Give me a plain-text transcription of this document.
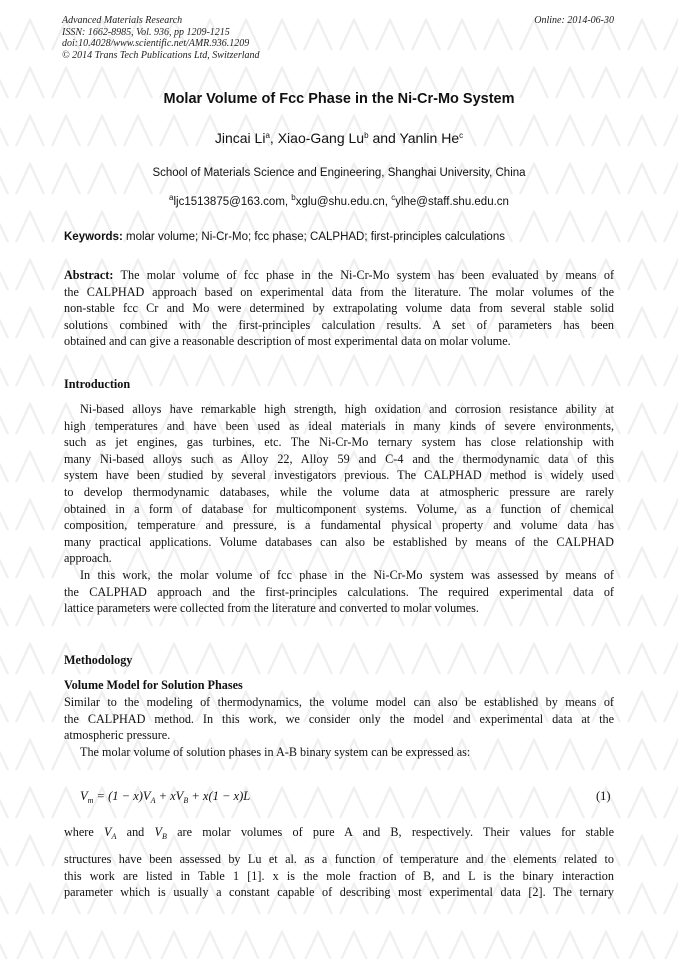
Advanced Materials Research
ISSN: 1662-8985, Vol. 936, pp 1209-1215
doi:10.4028/www.scientific.net/AMR.936.1209
© 2014 Trans Tech Publications Ltd, Switzerland
Online: 2014-06-30
Molar Volume of Fcc Phase in the Ni-Cr-Mo System
Jincai Li$^a$, Xiao-Gang Lu$^b$ and Yanlin He$^c$
School of Materials Science and Engineering, Shanghai University, China
$^a$ljc1513875@163.com, $^b$xglu@shu.edu.cn, $^c$ylhe@staff.shu.edu.cn
Keywords: molar volume; Ni-Cr-Mo; fcc phase; CALPHAD; first-principles calculations
Abstract: The molar volume of fcc phase in the Ni-Cr-Mo system has been evaluated by means of
the CALPHAD approach based on experimental data from the literature. The molar volumes of the
non-stable fcc Cr and Mo were determined by extrapolating volume data from several stable solid
solutions combined with the first-principles calculation results. A set of parameters has been
obtained and can give a reasonable description of most experimental data on molar volume.
Introduction
Ni-based alloys have remarkable high strength, high oxidation and corrosion resistance ability at
high temperatures and have been used as ideal materials in many kinds of severe environments,
such as jet engines, gas turbines, etc. The Ni-Cr-Mo ternary system has close relationship with
many Ni-based alloys such as Alloy 22, Alloy 59 and C-4 and the thermodynamic data of this
system have been studied by several investigators previous. The CALPHAD method is widely used
to develop thermodynamic databases, while the volume data at atmospheric pressure are rarely
obtained in a form of database for multicomponent systems. Volume, as a function of chemical
composition, temperature and pressure, is a fundamental physical property and volume data has
many practical applications. Volume databases can also be established by means of the CALPHAD
approach.
In this work, the molar volume of fcc phase in the Ni-Cr-Mo system was assessed by means of
the CALPHAD approach and the first-principles calculations. The required experimental data of
lattice parameters were collected from the literature and converted to molar volumes.
Methodology
Volume Model for Solution Phases
Similar to the modeling of thermodynamics, the volume model can also be established by means of
the CALPHAD method. In this work, we consider only the model and experimental data at the
atmospheric pressure.
The molar volume of solution phases in A-B binary system can be expressed as:
$V_m = (1 - x)V_A + xV_B + x(1 - x)L$	(1)
where $V_A$ and $V_B$ are molar volumes of pure A and B, respectively. Their values for stable
structures have been assessed by Lu et al. as a function of temperature and the elements related to
this work are listed in Table 1 [1]. x is the mole fraction of B, and L is the binary interaction
parameter which is usually a constant capable of describing most experimental data [2]. The ternary
